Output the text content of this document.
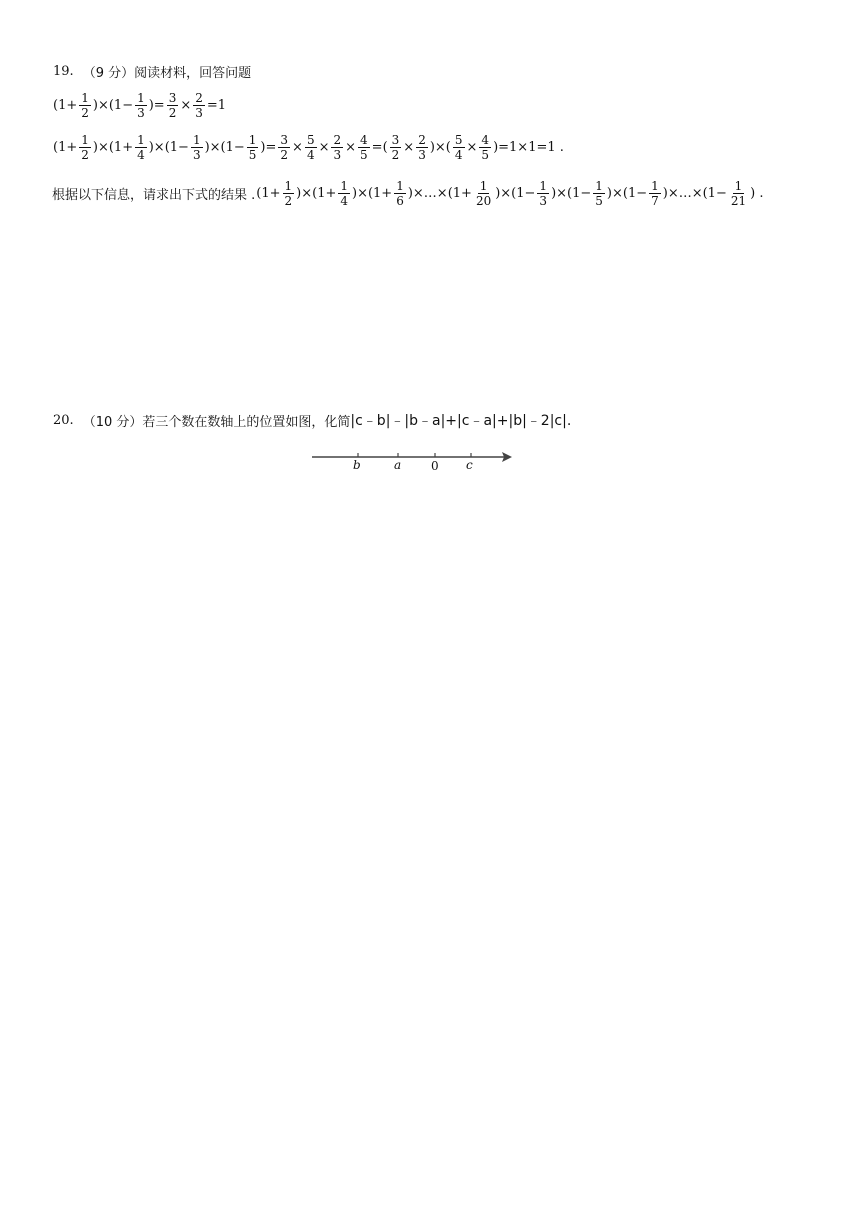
19. （9 分） 阅读材料，回答问题
$(1+ \frac{1}{2} )\times(1- \frac{1}{3}$ )= $\frac{3}{2} \times \frac{2}{3} =1$
$(1+ \frac{1}{2} )\times(1+ \frac{1}{4} )\times(1- \frac{1}{3} )\times(1- \frac{1}{5}$ )= $\frac{3}{2} \times \frac{5}{4} \times \frac{2}{3} \times \frac{4}{5}$ =( $\frac{3}{2} \times \frac{2}{3}$ )×( $\frac{5}{4} \times \frac{4}{5} )=1\times 1=1$ .
根据以下信息，请求出下式的结果 . $(1+ \frac{1}{2} )\times(1+ \frac{1}{4} )\times(1+ \frac{1}{6}$ )×…×(1+ $\frac{1}{20} )\times(1- \frac{1}{3} )\times(1- \frac{1}{5} )\times(1- \frac{1}{7}$ )×…×(1− $\frac{1}{21}$ ) .
20. （10 分） 若三个数在数轴上的位置如图，化简 |c﹣b|﹣|b﹣a|+|c﹣a|+|b|﹣2|c|.
b	a 0 c
